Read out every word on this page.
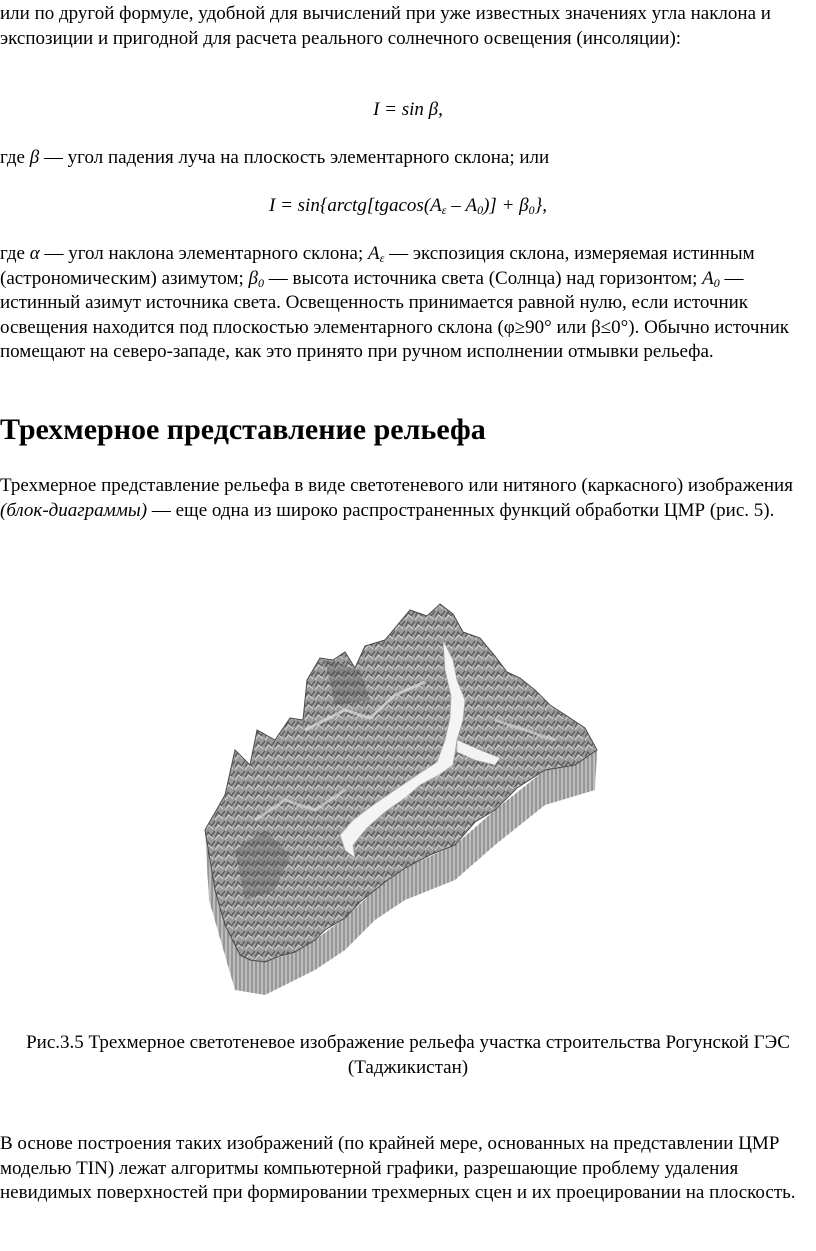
или по другой формуле, удобной для вычислений при уже известных значениях угла наклона и экспозиции и пригодной для расчета реального солнечного освещения (инсоляции):

I = sin β,

где β — угол падения луча на плоскость элементарного склона; или

$I = \sin\{arctg[tgacos(A_\varepsilon - A_0)] + \beta_0\}$,

где α — угол наклона элементарного склона; $A_\varepsilon$ — экспозиция склона, измеряемая истинным (астрономическим) азимутом; $\beta_0$ — высота источника света (Солнца) над горизонтом; $A_0$ — истинный азимут источника света. Освещенность принимается равной нулю, если источник освещения находится под плоскостью элементарного склона (φ≥90° или β≤0°). Обычно источник помещают на северо-западе, как это принято при ручном исполнении отмывки рельефа.

Трехмерное представление рельефа

Трехмерное представление рельефа в виде светотеневого или нитяного (каркасного) изображения (блок-диаграммы) — еще одна из широко распространенных функций обработки ЦМР (рис. 5).

Рис.3.5 Трехмерное светотеневое изображение рельефа участка строительства Рогунской ГЭС (Таджикистан)

В основе построения таких изображений (по крайней мере, основанных на представлении ЦМР моделью TIN) лежат алгоритмы компьютерной графики, разрешающие проблему удаления невидимых поверхностей при формировании трехмерных сцен и их проецировании на плоскость.
